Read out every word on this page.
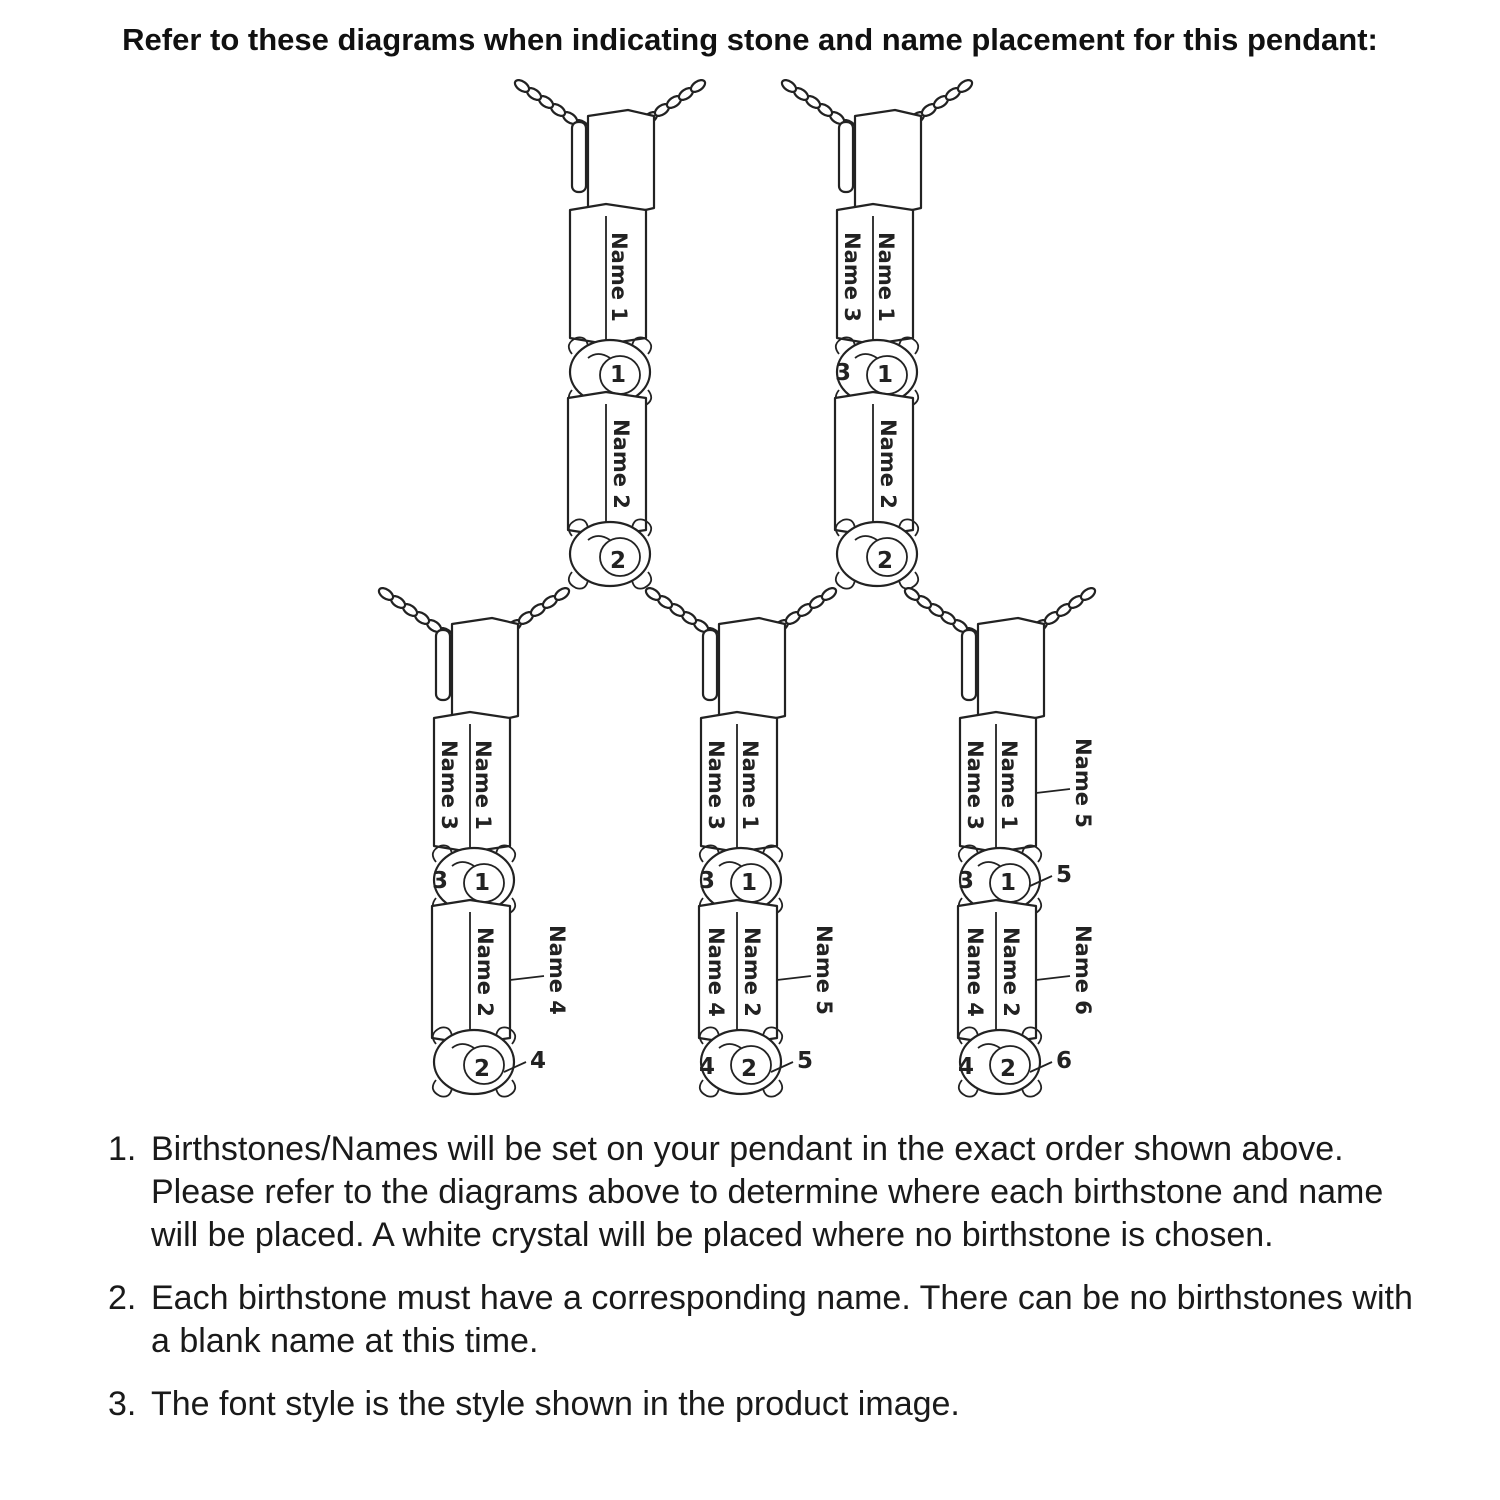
Refer to these diagrams when indicating stone and name placement for this pendant:
Name 1
Name 2
1
2
Name 1
Name 2
Name 3
1
2
3
Name 1
Name 2
Name 3
1
2
3
Name 4
4
Name 1
Name 2
Name 3
Name 4
1
2
3
4
Name 5
5
Name 1
Name 2
Name 3
Name 4
1
2
3
4
Name 5
Name 6
5
6
1. Birthstones/Names will be set on your pendant in the exact order shown above. Please refer to the diagrams above to determine where each birthstone and name will be placed. A white crystal will be placed where no birthstone is chosen.
2. Each birthstone must have a corresponding name. There can be no birthstones with a blank name at this time.
3. The font style is the style shown in the product image.
